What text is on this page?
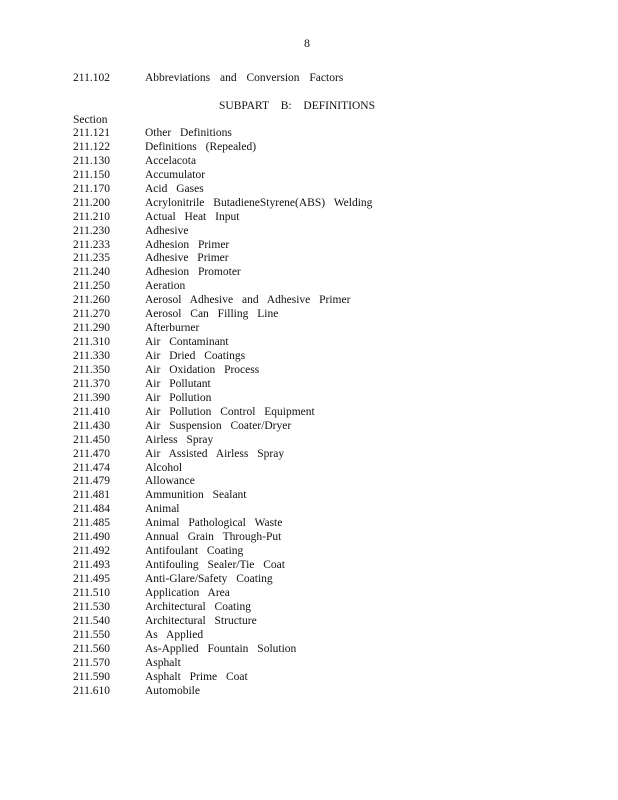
8
211.102	Abbreviations and Conversion Factors
SUBPART B: DEFINITIONS
Section
211.121	Other Definitions
211.122	Definitions (Repealed)
211.130	Accelacota
211.150	Accumulator
211.170	Acid Gases
211.200	Acrylonitrile ButadieneStyrene(ABS) Welding
211.210	Actual Heat Input
211.230	Adhesive
211.233	Adhesion Primer
211.235	Adhesive Primer
211.240	Adhesion Promoter
211.250	Aeration
211.260	Aerosol Adhesive and Adhesive Primer
211.270	Aerosol Can Filling Line
211.290	Afterburner
211.310	Air Contaminant
211.330	Air Dried Coatings
211.350	Air Oxidation Process
211.370	Air Pollutant
211.390	Air Pollution
211.410	Air Pollution Control Equipment
211.430	Air Suspension Coater/Dryer
211.450	Airless Spray
211.470	Air Assisted Airless Spray
211.474	Alcohol
211.479	Allowance
211.481	Ammunition Sealant
211.484	Animal
211.485	Animal Pathological Waste
211.490	Annual Grain Through-Put
211.492	Antifoulant Coating
211.493	Antifouling Sealer/Tie Coat
211.495	Anti-Glare/Safety Coating
211.510	Application Area
211.530	Architectural Coating
211.540	Architectural Structure
211.550	As Applied
211.560	As-Applied Fountain Solution
211.570	Asphalt
211.590	Asphalt Prime Coat
211.610	Automobile
